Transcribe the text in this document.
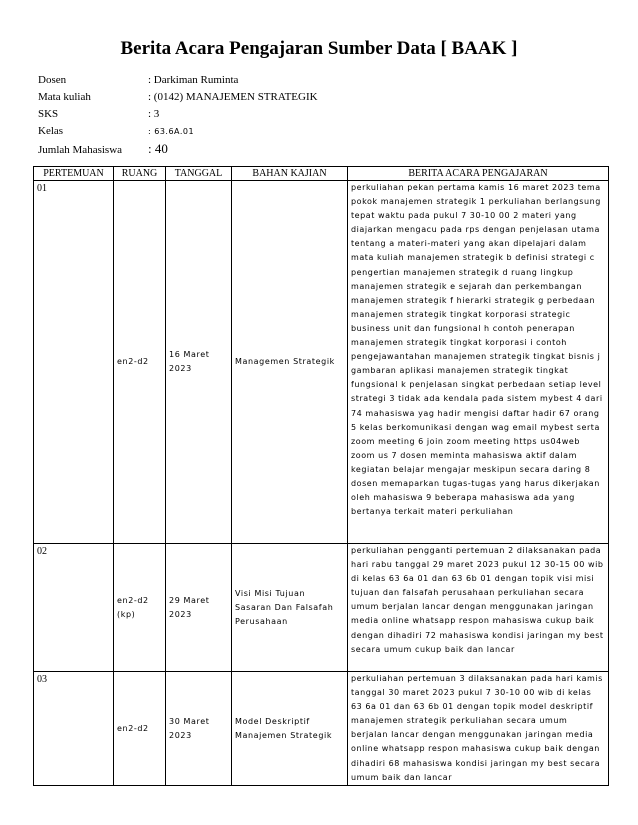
Berita Acara Pengajaran Sumber Data [ BAAK ]
Dosen	: Darkiman Ruminta
Mata kuliah	: (0142) MANAJEMEN STRATEGIK
SKS	: 3
Kelas	: 63.6A.01
Jumlah Mahasiswa : 40
PERTEMUAN	RUANG	TANGGAL	BAHAN KAJIAN	BERITA ACARA PENGAJARAN
01	en2-d2	16 Maret 2023	Managemen Strategik	perkuliahan pekan pertama kamis 16 maret 2023 tema pokok manajemen strategik 1 perkuliahan berlangsung tepat waktu pada pukul 7 30-10 00 2 materi yang diajarkan mengacu pada rps dengan penjelasan utama tentang a materi-materi yang akan dipelajari dalam mata kuliah manajemen strategik b definisi strategi c pengertian manajemen strategik d ruang lingkup manajemen strategik e sejarah dan perkembangan manajemen strategik f hierarki strategik g perbedaan manajemen strategik tingkat korporasi strategic business unit dan fungsional h contoh penerapan manajemen strategik tingkat korporasi i contoh pengejawantahan manajemen strategik tingkat bisnis j gambaran aplikasi manajemen strategik tingkat fungsional k penjelasan singkat perbedaan setiap level strategi 3 tidak ada kendala pada sistem mybest 4 dari 74 mahasiswa yag hadir mengisi daftar hadir 67 orang 5 kelas berkomunikasi dengan wag email mybest serta zoom meeting 6 join zoom meeting https us04web zoom us 7 dosen meminta mahasiswa aktif dalam kegiatan belajar mengajar meskipun secara daring 8 dosen memaparkan tugas-tugas yang harus dikerjakan oleh mahasiswa 9 beberapa mahasiswa ada yang bertanya terkait materi perkuliahan
02	en2-d2 (kp)	29 Maret 2023	Visi Misi Tujuan Sasaran Dan Falsafah Perusahaan	perkuliahan pengganti pertemuan 2 dilaksanakan pada hari rabu tanggal 29 maret 2023 pukul 12 30-15 00 wib di kelas 63 6a 01 dan 63 6b 01 dengan topik visi misi tujuan dan falsafah perusahaan perkuliahan secara umum berjalan lancar dengan menggunakan jaringan media online whatsapp respon mahasiswa cukup baik dengan dihadiri 72 mahasiswa kondisi jaringan my best secara umum cukup baik dan lancar
03	en2-d2	30 Maret 2023	Model Deskriptif Manajemen Strategik	perkuliahan pertemuan 3 dilaksanakan pada hari kamis tanggal 30 maret 2023 pukul 7 30-10 00 wib di kelas 63 6a 01 dan 63 6b 01 dengan topik model deskriptif manajemen strategik perkuliahan secara umum berjalan lancar dengan menggunakan jaringan media online whatsapp respon mahasiswa cukup baik dengan dihadiri 68 mahasiswa kondisi jaringan my best secara umum baik dan lancar
